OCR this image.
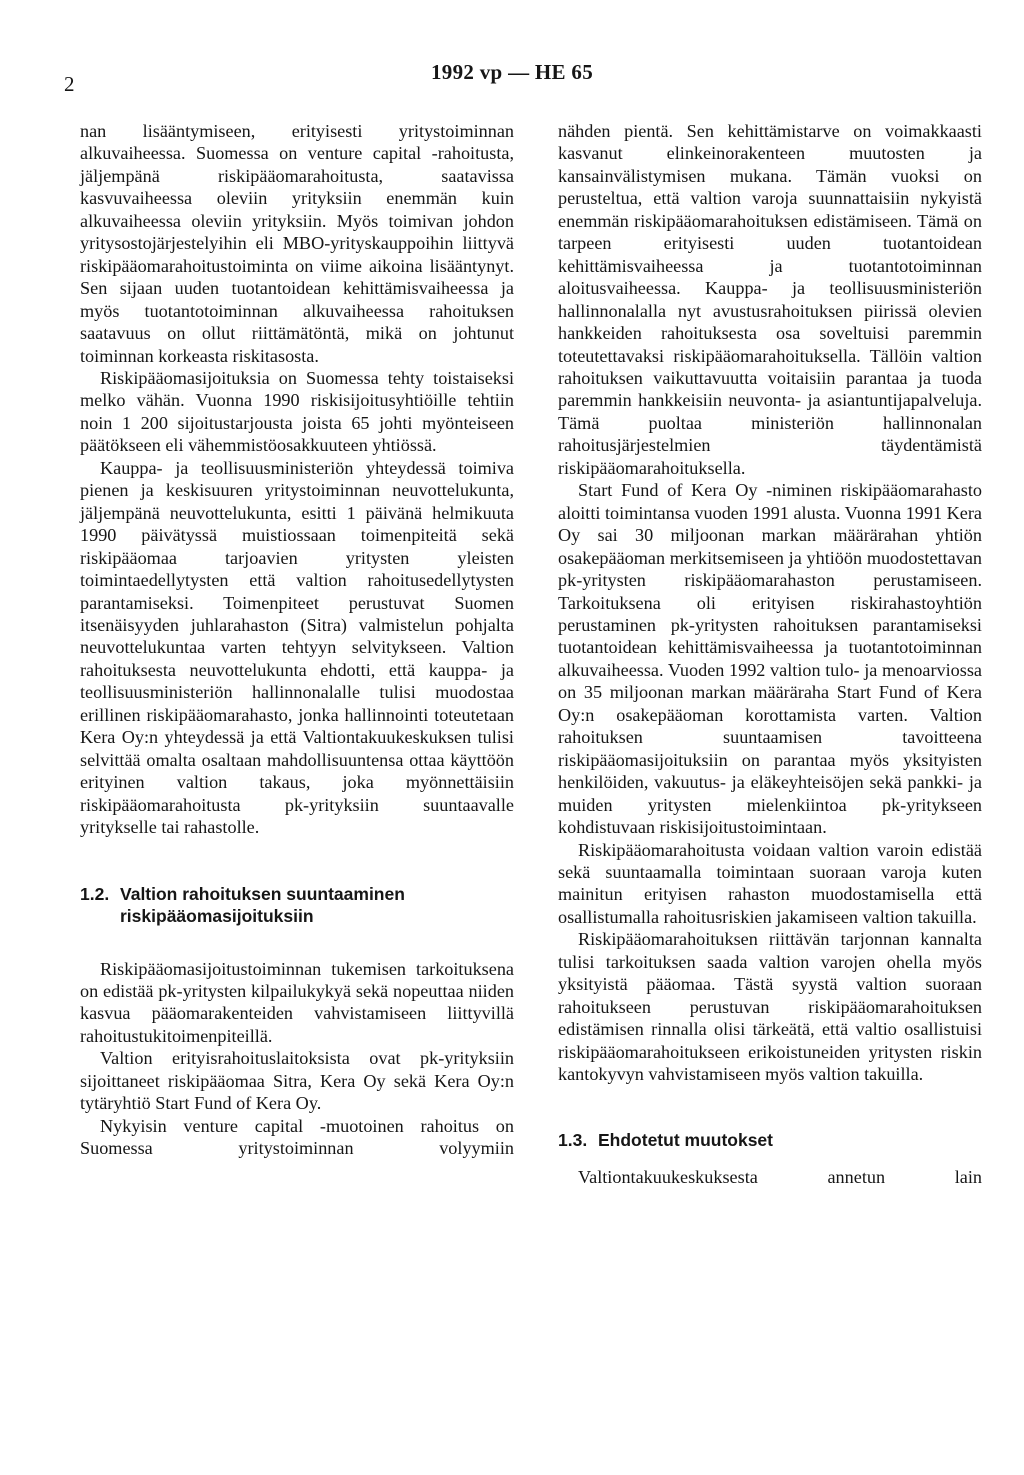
2	1992 vp — HE 65

nan lisääntymiseen, erityisesti yritystoiminnan alkuvaiheessa. Suomessa on venture capital -rahoitusta, jäljempänä riskipääomarahoitusta, saatavissa kasvuvaiheessa oleviin yrityksiin enemmän kuin alkuvaiheessa oleviin yrityksiin. Myös toimivan johdon yritysostojärjestelyihin eli MBO-yrityskauppoihin liittyvä riskipääomarahoitustoiminta on viime aikoina lisääntynyt. Sen sijaan uuden tuotantoidean kehittämisvaiheessa ja myös tuotantotoiminnan alkuvaiheessa rahoituksen saatavuus on ollut riittämätöntä, mikä on johtunut toiminnan korkeasta riskitasosta.

Riskipääomasijoituksia on Suomessa tehty toistaiseksi melko vähän. Vuonna 1990 riskisijoitusyhtiöille tehtiin noin 1 200 sijoitustarjousta joista 65 johti myönteiseen päätökseen eli vähemmistöosakkuuteen yhtiössä.

Kauppa- ja teollisuusministeriön yhteydessä toimiva pienen ja keskisuuren yritystoiminnan neuvottelukunta, jäljempänä neuvottelukunta, esitti 1 päivänä helmikuuta 1990 päivätyssä muistiossaan toimenpiteitä sekä riskipääomaa tarjoavien yritysten yleisten toimintaedellytysten että valtion rahoitusedellytysten parantamiseksi. Toimenpiteet perustuvat Suomen itsenäisyyden juhlarahaston (Sitra) valmistelun pohjalta neuvottelukuntaa varten tehtyyn selvitykseen. Valtion rahoituksesta neuvottelukunta ehdotti, että kauppa- ja teollisuusministeriön hallinnonalalle tulisi muodostaa erillinen riskipääomarahasto, jonka hallinnointi toteutetaan Kera Oy:n yhteydessä ja että Valtiontakuukeskuksen tulisi selvittää omalta osaltaan mahdollisuuntensa ottaa käyttöön erityinen valtion takaus, joka myönnettäisiin riskipääomarahoitusta pk-yrityksiin suuntaavalle yritykselle tai rahastolle.

1.2. Valtion rahoituksen suuntaaminen riskipääomasijoituksiin

Riskipääomasijoitustoiminnan tukemisen tarkoituksena on edistää pk-yritysten kilpailukykyä sekä nopeuttaa niiden kasvua pääomarakenteiden vahvistamiseen liittyvillä rahoitustukitoimenpiteillä.

Valtion erityisrahoituslaitoksista ovat pk-yrityksiin sijoittaneet riskipääomaa Sitra, Kera Oy sekä Kera Oy:n tytäryhtiö Start Fund of Kera Oy.

Nykyisin venture capital -muotoinen rahoitus on Suomessa yritystoiminnan volyymiin

nähden pientä. Sen kehittämistarve on voimakkaasti kasvanut elinkeinorakenteen muutosten ja kansainvälistymisen mukana. Tämän vuoksi on perusteltua, että valtion varoja suunnattaisiin nykyistä enemmän riskipääomarahoituksen edistämiseen. Tämä on tarpeen erityisesti uuden tuotantoidean kehittämisvaiheessa ja tuotantotoiminnan aloitusvaiheessa. Kauppa- ja teollisuusministeriön hallinnonalalla nyt avustusrahoituksen piirissä olevien hankkeiden rahoituksesta osa soveltuisi paremmin toteutettavaksi riskipääomarahoituksella. Tällöin valtion rahoituksen vaikuttavuutta voitaisiin parantaa ja tuoda paremmin hankkeisiin neuvonta- ja asiantuntijapalveluja. Tämä puoltaa ministeriön hallinnonalan rahoitusjärjestelmien täydentämistä riskipääomarahoituksella.

Start Fund of Kera Oy -niminen riskipääomarahasto aloitti toimintansa vuoden 1991 alusta. Vuonna 1991 Kera Oy sai 30 miljoonan markan määrärahan yhtiön osakepääoman merkitsemiseen ja yhtiöön muodostettavan pk-yritysten riskipääomarahaston perustamiseen. Tarkoituksena oli erityisen riskirahastoyhtiön perustaminen pk-yritysten rahoituksen parantamiseksi tuotantoidean kehittämisvaiheessa ja tuotantotoiminnan alkuvaiheessa. Vuoden 1992 valtion tulo- ja menoarviossa on 35 miljoonan markan määräraha Start Fund of Kera Oy:n osakepääoman korottamista varten. Valtion rahoituksen suuntaamisen tavoitteena riskipääomasijoituksiin on parantaa myös yksityisten henkilöiden, vakuutus- ja eläkeyhteisöjen sekä pankki- ja muiden yritysten mielenkiintoa pk-yritykseen kohdistuvaan riskisijoitustoimintaan.

Riskipääomarahoitusta voidaan valtion varoin edistää sekä suuntaamalla toimintaan suoraan varoja kuten mainitun erityisen rahaston muodostamisella että osallistumalla rahoitusriskien jakamiseen valtion takuilla.

Riskipääomarahoituksen riittävän tarjonnan kannalta tulisi tarkoituksen saada valtion varojen ohella myös yksityistä pääomaa. Tästä syystä valtion suoraan rahoitukseen perustuvan riskipääomarahoituksen edistämisen rinnalla olisi tärkeätä, että valtio osallistuisi riskipääomarahoitukseen erikoistuneiden yritysten riskin kantokyvyn vahvistamiseen myös valtion takuilla.

1.3. Ehdotetut muutokset

Valtiontakuukeskuksesta annetun lain
